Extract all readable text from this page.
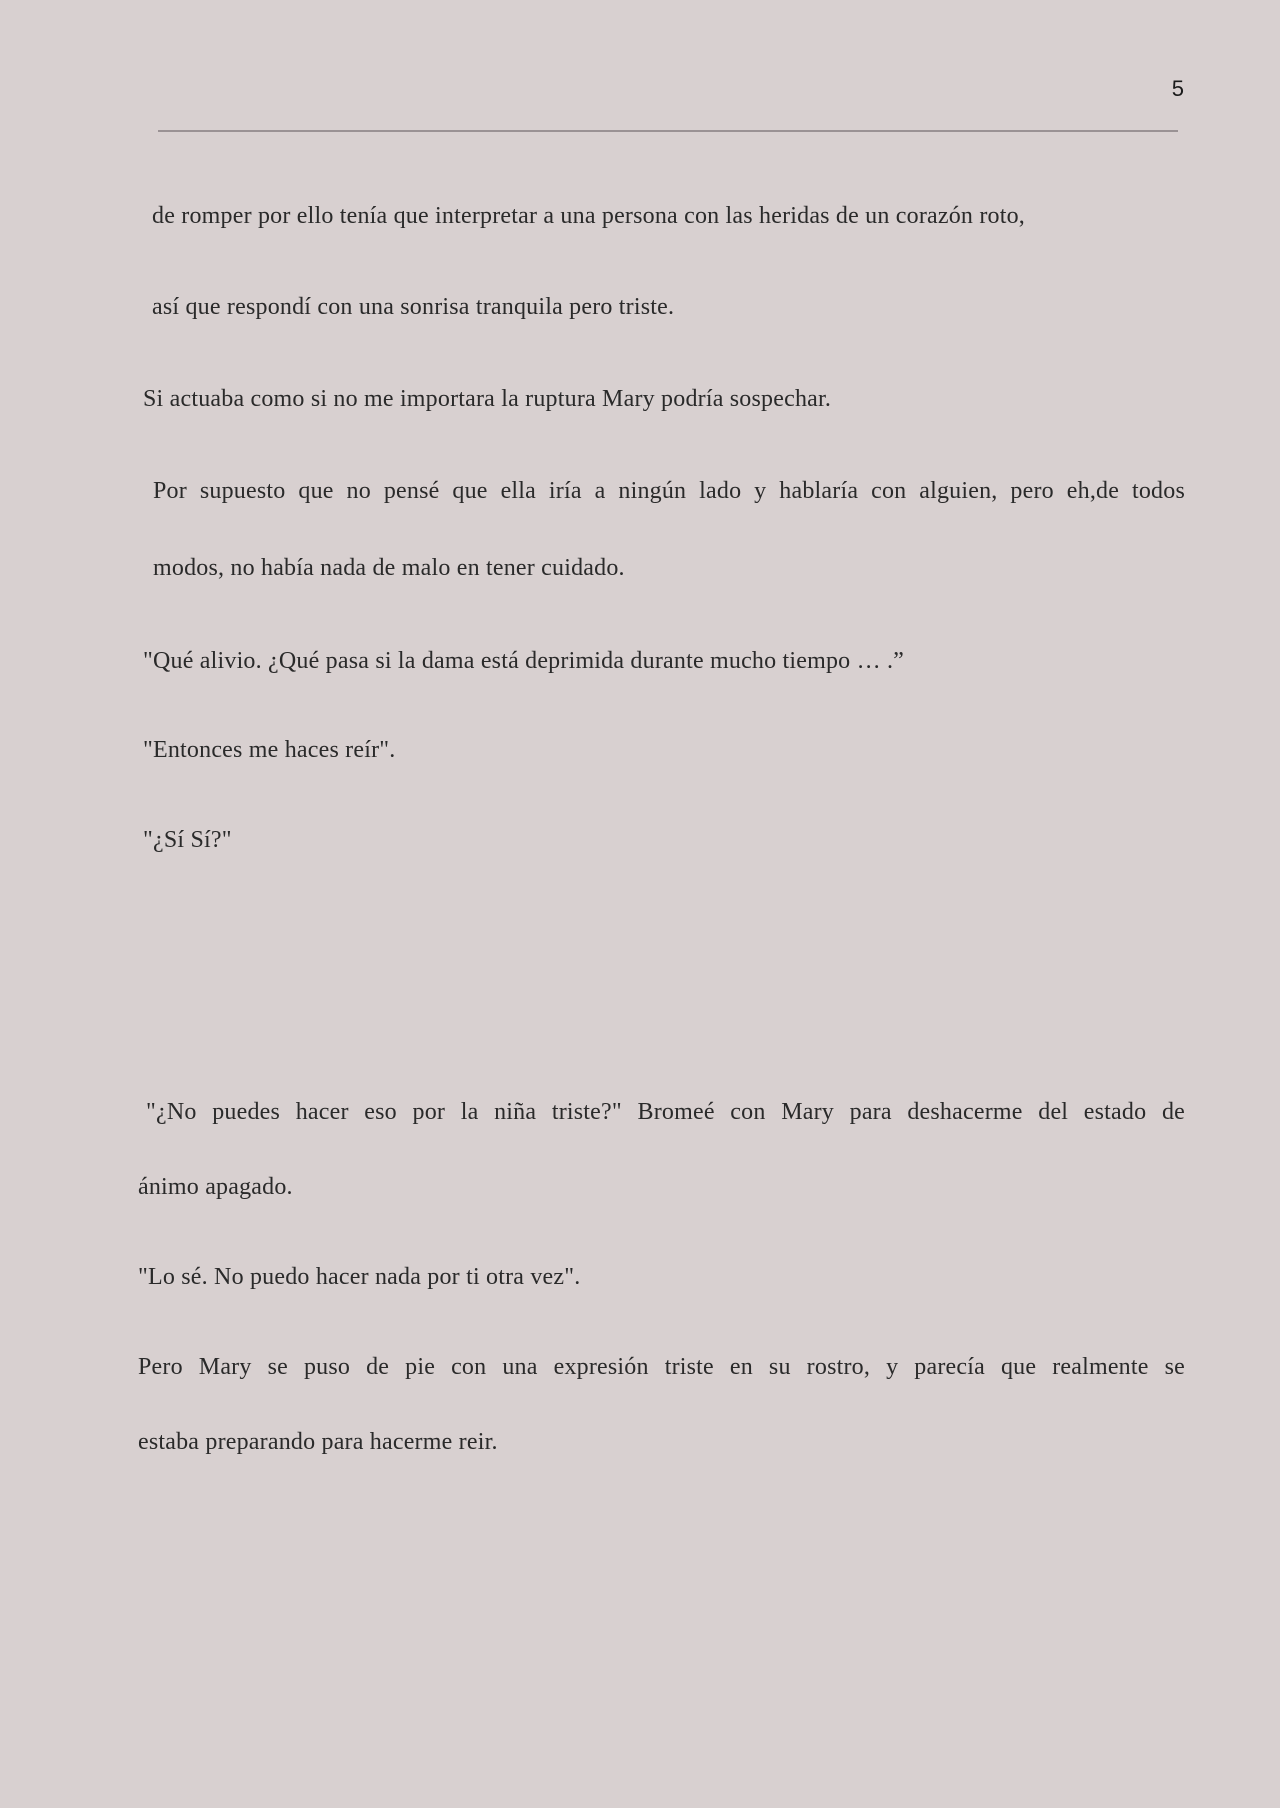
5
de romper por ello tenía que interpretar a una persona con las heridas de un corazón roto,
así que respondí con una sonrisa tranquila pero triste.
Si actuaba como si no me importara la ruptura Mary podría sospechar.
Por supuesto que no pensé que ella iría a ningún lado y hablaría con alguien, pero eh,de todos
modos, no había nada de malo en tener cuidado.
"Qué alivio. ¿Qué pasa si la dama está deprimida durante mucho tiempo … .”
"Entonces me haces reír".
"¿Sí Sí?"
"¿No puedes hacer eso por la niña triste?" Bromeé con Mary para deshacerme del estado de
ánimo apagado.
"Lo sé. No puedo hacer nada por ti otra vez".
Pero Mary se puso de pie con una expresión triste en su rostro, y parecía que realmente se
estaba preparando para hacerme reir.
